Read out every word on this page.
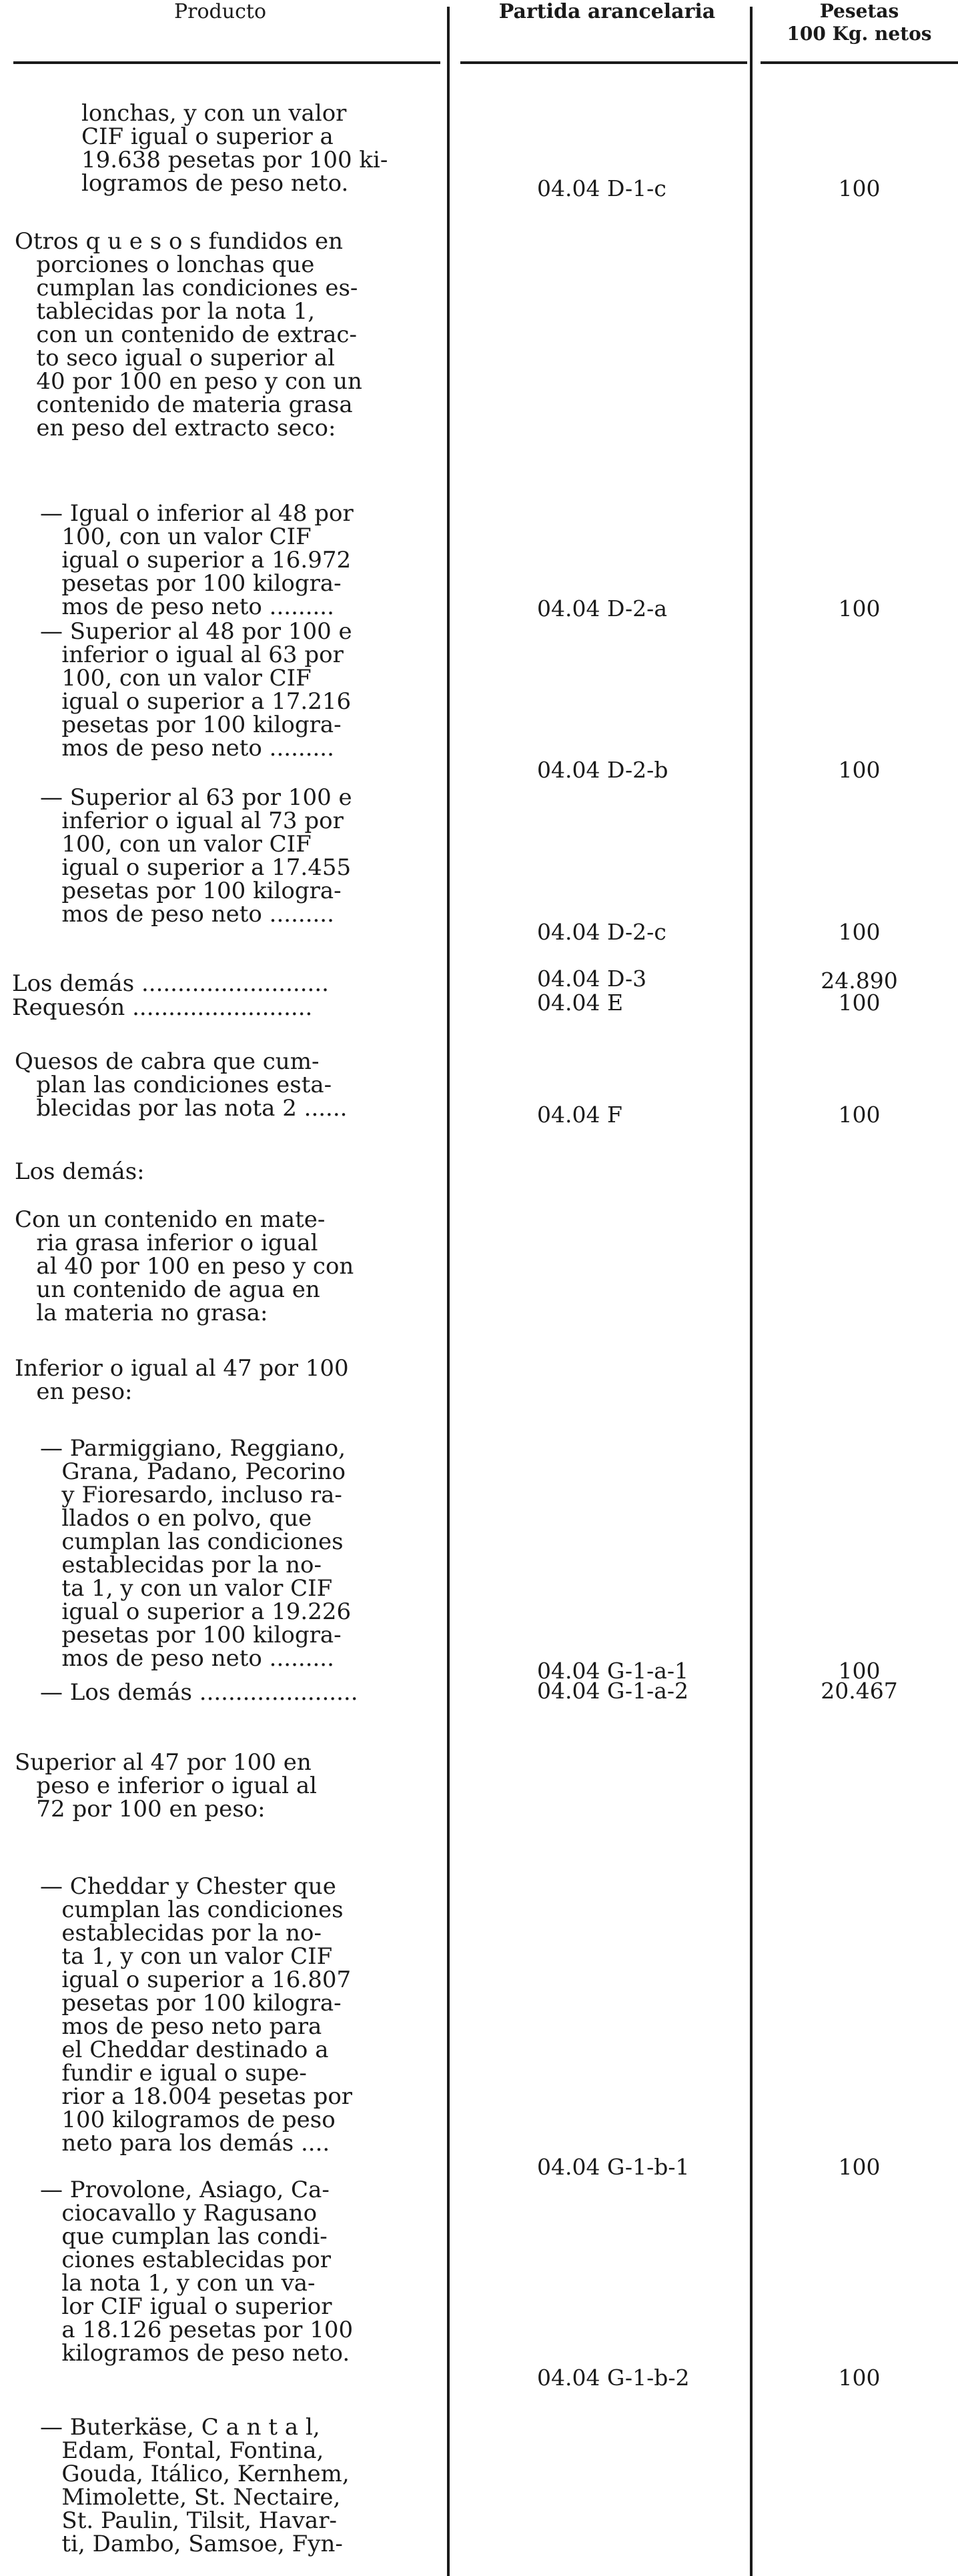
Producto	Partida arancelaria	Pesetas
100 Kg. netos
lonchas, y con un valor
CIF igual o superior a
19.638 pesetas por 100 ki-
logramos de peso neto.	04.04 D-1-c	100
Otros q u e s o s fundidos en
porciones o lonchas que
cumplan las condiciones es-
tablecidas por la nota 1,
con un contenido de extrac-
to seco igual o superior al
40 por 100 en peso y con un
contenido de materia grasa
en peso del extracto seco:
— Igual o inferior al 48 por
100, con un valor CIF
igual o superior a 16.972
pesetas por 100 kilogra-
mos de peso neto .........	04.04 D-2-a	100
— Superior al 48 por 100 e
inferior o igual al 63 por
100, con un valor CIF
igual o superior a 17.216
pesetas por 100 kilogra-
mos de peso neto .........
04.04 D-2-b	100
— Superior al 63 por 100 e
inferior o igual al 73 por
100, con un valor CIF
igual o superior a 17.455
pesetas por 100 kilogra-
mos de peso neto .........
04.04 D-2-c	100
Los demás ..........................	04.04 D-3	24.890
Requesón .........................	04.04 E	100
Quesos de cabra que cum-
plan las condiciones esta-
blecidas por las nota 2 ......	04.04 F	100
Los demás:
Con un contenido en mate-
ria grasa inferior o igual
al 40 por 100 en peso y con
un contenido de agua en
la materia no grasa:
Inferior o igual al 47 por 100
en peso:
— Parmiggiano, Reggiano,
Grana, Padano, Pecorino
y Fioresardo, incluso ra-
llados o en polvo, que
cumplan las condiciones
establecidas por la no-
ta 1, y con un valor CIF
igual o superior a 19.226
pesetas por 100 kilogra-
mos de peso neto .........	04.04 G-1-a-1	100
— Los demás ......................	04.04 G-1-a-2	20.467
Superior al 47 por 100 en
peso e inferior o igual al
72 por 100 en peso:
— Cheddar y Chester que
cumplan las condiciones
establecidas por la no-
ta 1, y con un valor CIF
igual o superior a 16.807
pesetas por 100 kilogra-
mos de peso neto para
el Cheddar destinado a
fundir e igual o supe-
rior a 18.004 pesetas por
100 kilogramos de peso
neto para los demás ....
04.04 G-1-b-1	100
— Provolone, Asiago, Ca-
ciocavallo y Ragusano
que cumplan las condi-
ciones establecidas por
la nota 1, y con un va-
lor CIF igual o superior
a 18.126 pesetas por 100
kilogramos de peso neto.
04.04 G-1-b-2	100
— Buterkäse, C a n t a l,
Edam, Fontal, Fontina,
Gouda, Itálico, Kernhem,
Mimolette, St. Nectaire,
St. Paulin, Tilsit, Havar-
ti, Dambo, Samsoe, Fyn-
